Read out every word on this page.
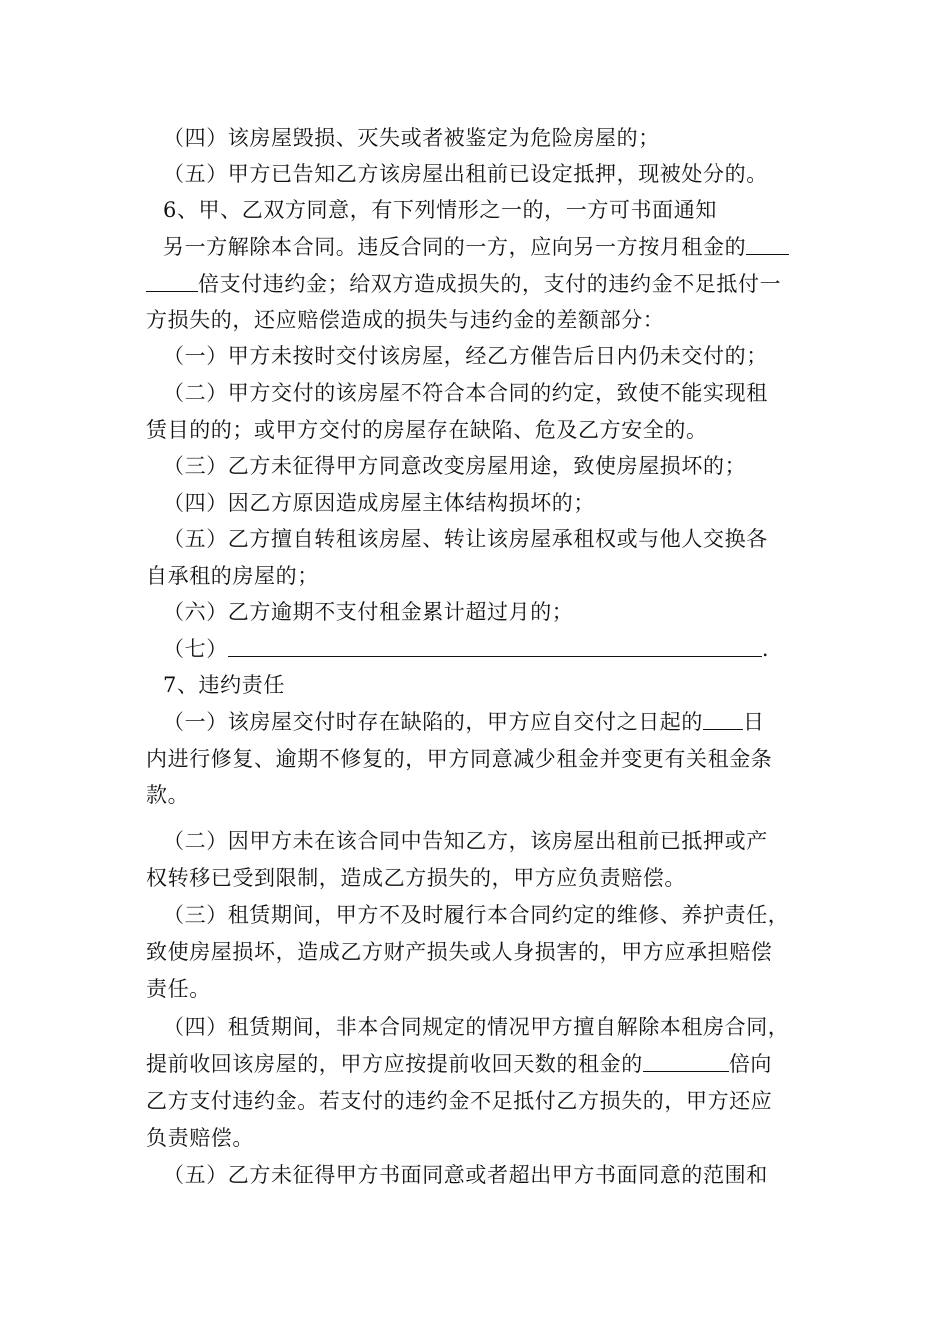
（四）该房屋毁损、灭失或者被鉴定为危险房屋的；
（五）甲方已告知乙方该房屋出租前已设定抵押，现被处分的。
6、甲、乙双方同意，有下列情形之一的，一方可书面通知
另一方解除本合同。违反合同的一方，应向另一方按月租金的
倍支付违约金；给双方造成损失的，支付的违约金不足抵付一
方损失的，还应赔偿造成的损失与违约金的差额部分：
（一）甲方未按时交付该房屋，经乙方催告后日内仍未交付的；
（二）甲方交付的该房屋不符合本合同的约定，致使不能实现租
赁目的的；或甲方交付的房屋存在缺陷、危及乙方安全的。
（三）乙方未征得甲方同意改变房屋用途，致使房屋损坏的；
（四）因乙方原因造成房屋主体结构损坏的；
（五）乙方擅自转租该房屋、转让该房屋承租权或与他人交换各
自承租的房屋的；
（六）乙方逾期不支付租金累计超过月的；
（七）	.
7、违约责任
（一）该房屋交付时存在缺陷的，甲方应自交付之日起的 日
内进行修复、逾期不修复的，甲方同意减少租金并变更有关租金条
款。
（二）因甲方未在该合同中告知乙方，该房屋出租前已抵押或产
权转移已受到限制，造成乙方损失的，甲方应负责赔偿。
（三）租赁期间，甲方不及时履行本合同约定的维修、养护责任，
致使房屋损坏，造成乙方财产损失或人身损害的，甲方应承担赔偿
责任。
（四）租赁期间，非本合同规定的情况甲方擅自解除本租房合同，
提前收回该房屋的，甲方应按提前收回天数的租金的	倍向
乙方支付违约金。若支付的违约金不足抵付乙方损失的，甲方还应
负责赔偿。
（五）乙方未征得甲方书面同意或者超出甲方书面同意的范围和
